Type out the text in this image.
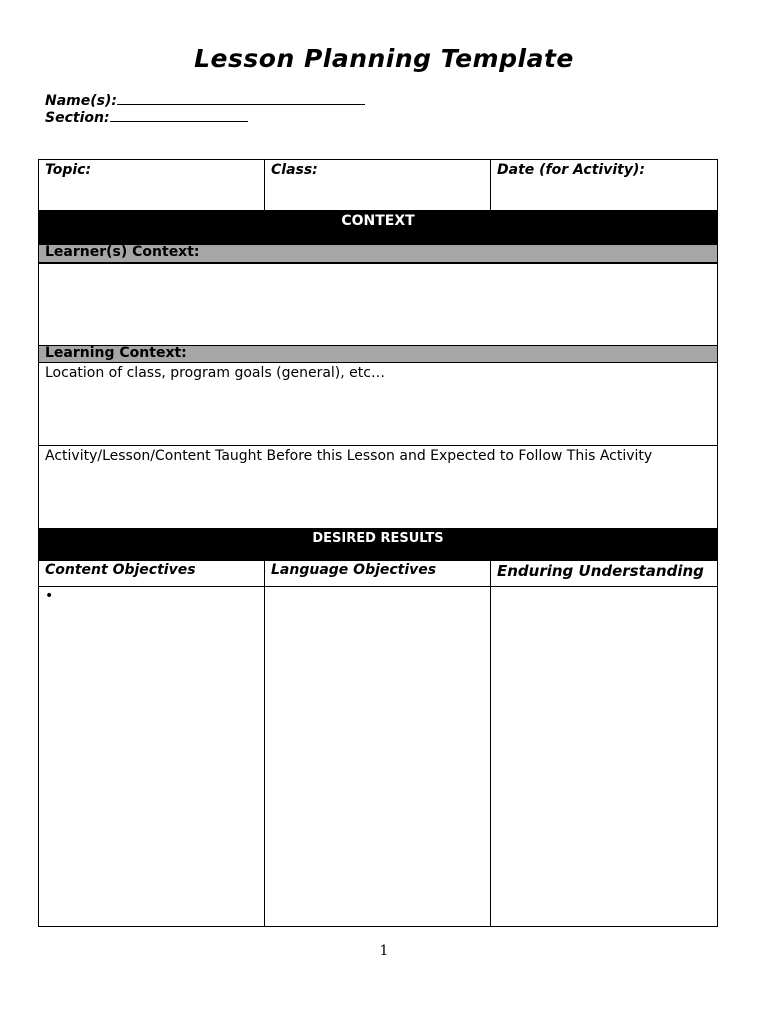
Lesson Planning Template
Name(s):
Section:
Topic:	Class:	Date (for Activity):
CONTEXT		
Learner(s) Context:		

Learning Context:		
Location of class, program goals (general), etc…		
Activity/Lesson/Content Taught Before this Lesson and Expected to Follow This Activity		
DESIRED RESULTS		
Content Objectives	Language Objectives	Enduring Understanding
•		
1
